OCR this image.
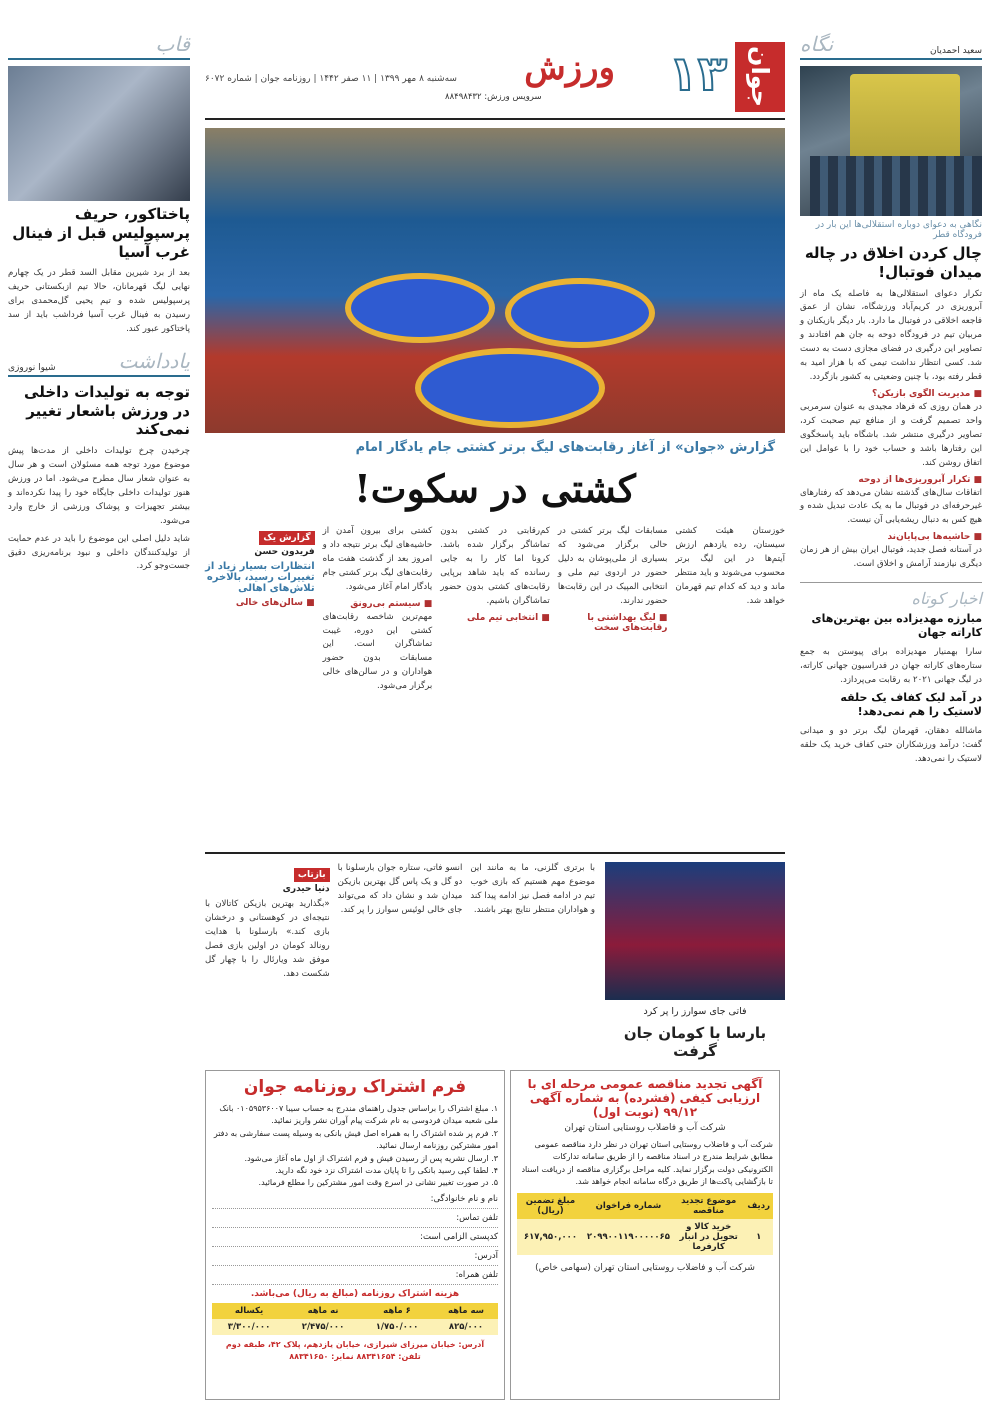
جوان
۱۳
ورزش
سه‌شنبه ۸ مهر ۱۳۹۹ | ۱۱ صفر ۱۴۴۲ | روزنامه جوان | شماره ۶۰۷۲
سرویس ورزش: ۸۸۴۹۸۴۳۲
سعید احمدیان
نگاه
نگاهی به دعوای دوباره استقلالی‌ها این بار در فرودگاه قطر
چال کردن اخلاق در چاله میدان فوتبال!

تکرار دعوای استقلالی‌ها به فاصله یک ماه از آبروریزی در کریم‌آباد ورزشگاه، نشان از عمق فاجعه اخلاقی در فوتبال ما دارد. بار دیگر بازیکنان و مربیان تیم در فرودگاه دوحه به جان هم افتادند و تصاویر این درگیری در فضای مجازی دست به دست شد. کسی انتظار نداشت تیمی که با هزار امید به قطر رفته بود، با چنین وضعیتی به کشور بازگردد.

■ مدیریت الگوی بازیکن؟

در همان روزی که فرهاد مجیدی به عنوان سرمربی واحد تصمیم گرفت و از منافع تیم صحبت کرد، تصاویر درگیری منتشر شد. باشگاه باید پاسخگوی این رفتارها باشد و حساب خود را با عوامل این اتفاق روشن کند.

■ تکرار آبروریزی‌ها از دوحه

اتفاقات سال‌های گذشته نشان می‌دهد که رفتارهای غیرحرفه‌ای در فوتبال ما به یک عادت تبدیل شده و هیچ کس به دنبال ریشه‌یابی آن نیست.

■ حاشیه‌ها بی‌پایان‌ند

در آستانه فصل جدید، فوتبال ایران بیش از هر زمان دیگری نیازمند آرامش و اخلاق است.

اخبار کوتاه
مبارزه مهدیزاده بین بهترین‌های کاراته جهان

سارا بهمنیار مهدیزاده برای پیوستن به جمع ستاره‌های کاراته جهان در فدراسیون جهانی کاراته، در لیگ جهانی ۲۰۲۱ به رقابت می‌پردازد.

در آمد لیک کفاف یک حلقه لاستیک را هم نمی‌دهد!

ماشالله دهقان، قهرمان لیگ برتر دو و میدانی گفت: درآمد ورزشکاران حتی کفاف خرید یک حلقه لاستیک را نمی‌دهد.

قاب
پاختاکور، حریف پرسپولیس قبل از فینال غرب آسیا

بعد از برد شیرین مقابل السد قطر در یک چهارم نهایی لیگ قهرمانان، حالا تیم ازبکستانی حریف پرسپولیس شده و تیم یحیی گل‌محمدی برای رسیدن به فینال غرب آسیا فرداشب باید از سد پاختاکور عبور کند.

یادداشت
شیوا نوروزی
توجه به تولیدات داخلی در ورزش باشعار تغییر نمی‌کند

چرخیدن چرخ تولیدات داخلی از مدت‌ها پیش موضوع مورد توجه همه مسئولان است و هر سال به عنوان شعار سال مطرح می‌شود. اما در ورزش هنوز تولیدات داخلی جایگاه خود را پیدا نکرده‌اند و بیشتر تجهیزات و پوشاک ورزشی از خارج وارد می‌شود.

شاید دلیل اصلی این موضوع را باید در عدم حمایت از تولیدکنندگان داخلی و نبود برنامه‌ریزی دقیق جست‌وجو کرد.

گزارش «جوان» از آغاز رقابت‌های لیگ برتر کشتی جام یادگار امام
کشتی در سکوت!

خوزستان هیئت کشتی سیستان، رده یازدهم ارزش آیتم‌ها در این لیگ برتر محسوب می‌شوند و باید منتظر ماند و دید که کدام تیم قهرمان خواهد شد.

مسابقات لیگ برتر کشتی در حالی برگزار می‌شود که بسیاری از ملی‌پوشان به دلیل حضور در اردوی تیم ملی و انتخابی المپیک در این رقابت‌ها حضور ندارند.

■ لیگ بهداشتی با رقابت‌های سخت

کم‌رقابتی در کشتی بدون تماشاگر برگزار شده باشد. کرونا اما کار را به جایی رسانده که باید شاهد برپایی رقابت‌های کشتی بدون حضور تماشاگران باشیم.

■ انتخابی تیم ملی

کشتی برای بیرون آمدن از حاشیه‌های لیگ برتر نتیجه داد و امروز بعد از گذشت هفت ماه رقابت‌های لیگ برتر کشتی جام یادگار امام آغاز می‌شود.

■ سیستم بی‌رونق

مهم‌ترین شاخصه رقابت‌های کشتی این دوره، غیبت تماشاگران است. این مسابقات بدون حضور هواداران و در سالن‌های خالی برگزار می‌شود.

گزارش یک
فریدون حسن
انتظارات بسیار زیاد از تغییرات رسید، بالاخره تلاش‌های اهالی
■ سالن‌های خالی
فاتی جای سوارز را پر کرد
بارسا با کومان جان گرفت

با برتری گلزنی، ما به مانند این موضوع مهم هستیم که بازی خوب تیم در ادامه فصل نیز ادامه پیدا کند و هواداران منتظر نتایج بهتر باشند.

انسو فاتی، ستاره جوان بارسلونا با دو گل و یک پاس گل بهترین بازیکن میدان شد و نشان داد که می‌تواند جای خالی لوئیس سوارز را پر کند.

بازتاب
دنیا حیدری

«بگذارید بهترین بازیکن کاتالان با نتیجه‌ای در کوهستانی و درخشان بازی کند.» بارسلونا با هدایت رونالد کومان در اولین بازی فصل موفق شد ویارئال را با چهار گل شکست دهد.

آگهی تجدید مناقصه عمومی مرحله ای با ارزیابی کیفی (فشرده) به شماره آگهی ۹۹/۱۲ (نوبت اول)
شرکت آب و فاضلاب روستایی استان تهران

شرکت آب و فاضلاب روستایی استان تهران در نظر دارد مناقصه عمومی مطابق شرایط مندرج در اسناد مناقصه را از طریق سامانه تدارکات الکترونیکی دولت برگزار نماید. کلیه مراحل برگزاری مناقصه از دریافت اسناد تا بازگشایی پاکت‌ها از طریق درگاه سامانه انجام خواهد شد.

ردیف	موضوع تجدید مناقصه	شماره فراخوان	مبلغ تضمین (ریال)
۱	خرید کالا و تحویل در انبار کارفرما	۲۰۹۹۰۰۱۱۹۰۰۰۰۰۶۵	۶۱۷,۹۵۰,۰۰۰
شرکت آب و فاضلاب روستایی استان تهران (سهامی خاص)
فرم اشتراک روزنامه جوان

۱. مبلغ اشتراک را براساس جدول راهنمای مندرج به حساب سیبا ۰۱۰۵۹۵۳۶۰۰۷ بانک ملی شعبه میدان فردوسی به نام شرکت پیام آوران نشر واریز نمائید.

۲. فرم پر شده اشتراک را به همراه اصل فیش بانکی به وسیله پست سفارشی به دفتر امور مشترکین روزنامه ارسال نمائید.

۳. ارسال نشریه پس از رسیدن فیش و فرم اشتراک از اول ماه آغاز می‌شود.

۴. لطفا کپی رسید بانکی را تا پایان مدت اشتراک نزد خود نگه دارید.

۵. در صورت تغییر نشانی در اسرع وقت امور مشترکین را مطلع فرمائید.

نام و نام خانوادگی:
تلفن تماس:
کدپستی الزامی است:
آدرس:
تلفن همراه:
هزینه اشتراک روزنامه (مبالغ به ریال) می‌باشد.
سه ماهه	۶ ماهه	نه ماهه	یکساله
۸۲۵/۰۰۰	۱/۷۵۰/۰۰۰	۲/۴۷۵/۰۰۰	۳/۳۰۰/۰۰۰
آدرس: خیابان میرزای شیرازی، خیابان یازدهم، پلاک ۴۲، طبقه دوم
تلفن: ۸۸۳۴۱۶۵۴ نمابر: ۸۸۳۴۱۶۵۰
